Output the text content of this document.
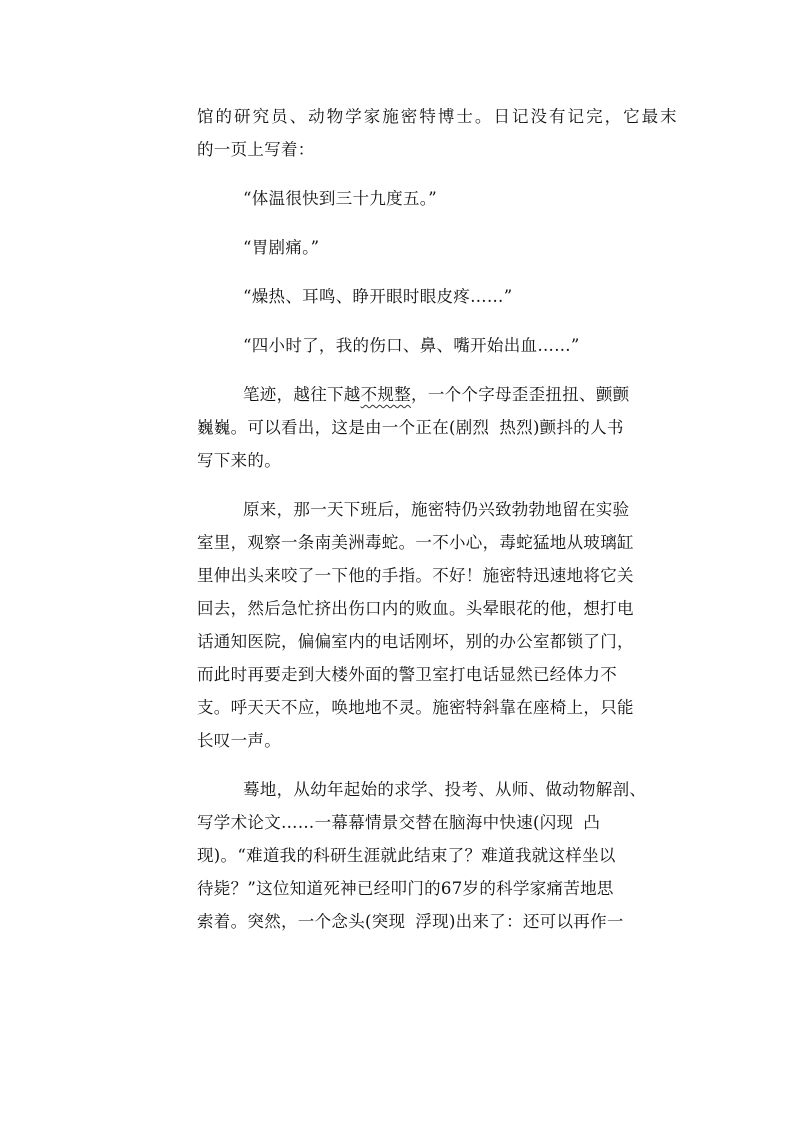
馆的研究员、动物学家施密特博士。日记没有记完，它最末
的一页上写着：
“体温很快到三十九度五。”
“胃剧痛。”
“燥热、耳鸣、睁开眼时眼皮疼……”
“四小时了，我的伤口、鼻、嘴开始出血……”
笔迹，越往下越不规整，一个个字母歪歪扭扭、颤颤
巍巍。可以看出，这是由一个正在(剧烈 热烈)颤抖的人书
写下来的。
原来，那一天下班后，施密特仍兴致勃勃地留在实验
室里，观察一条南美洲毒蛇。一不小心，毒蛇猛地从玻璃缸
里伸出头来咬了一下他的手指。不好！施密特迅速地将它关
回去，然后急忙挤出伤口内的败血。头晕眼花的他，想打电
话通知医院，偏偏室内的电话刚坏，别的办公室都锁了门，
而此时再要走到大楼外面的警卫室打电话显然已经体力不
支。呼天天不应，唤地地不灵。施密特斜靠在座椅上，只能
长叹一声。
蓦地，从幼年起始的求学、投考、从师、做动物解剖、
写学术论文……一幕幕情景交替在脑海中快速(闪现 凸
现)。“难道我的科研生涯就此结束了？难道我就这样坐以
待毙？”这位知道死神已经叩门的67岁的科学家痛苦地思
索着。突然，一个念头(突现 浮现)出来了：还可以再作一
